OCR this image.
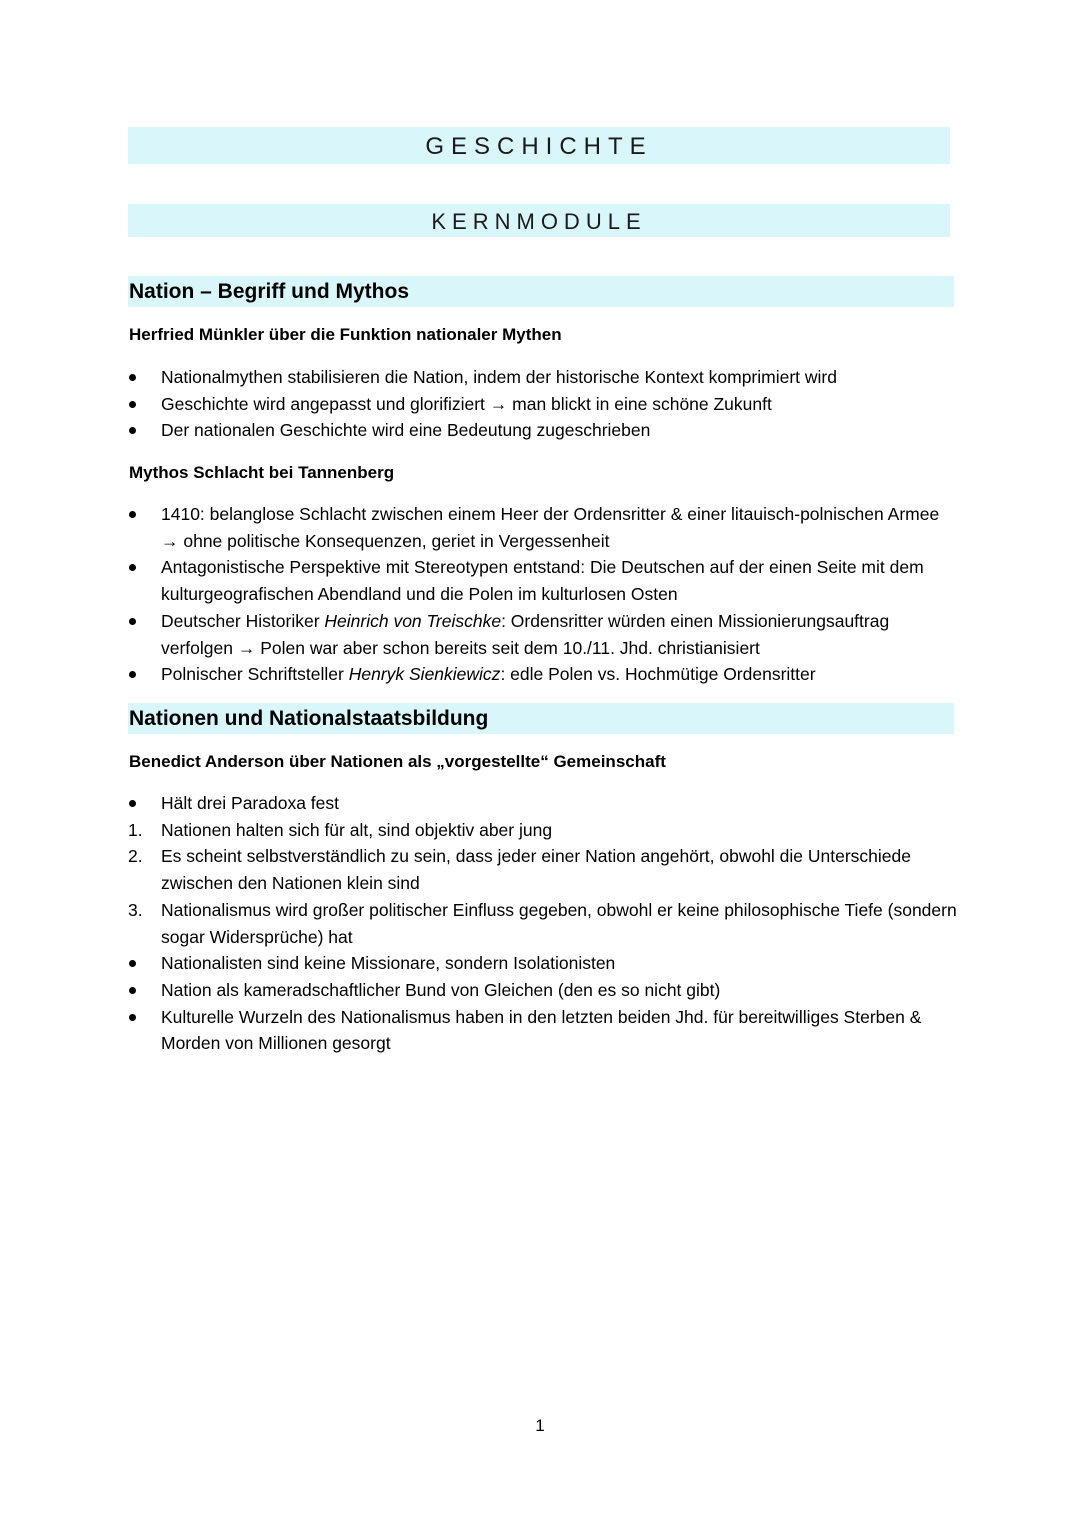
GESCHICHTE
KERNMODULE
Nation – Begriff und Mythos
Herfried Münkler über die Funktion nationaler Mythen
Nationalmythen stabilisieren die Nation, indem der historische Kontext komprimiert wird
Geschichte wird angepasst und glorifiziert → man blickt in eine schöne Zukunft
Der nationalen Geschichte wird eine Bedeutung zugeschrieben
Mythos Schlacht bei Tannenberg
1410: belanglose Schlacht zwischen einem Heer der Ordensritter & einer litauisch-polnischen Armee → ohne politische Konsequenzen, geriet in Vergessenheit
Antagonistische Perspektive mit Stereotypen entstand: Die Deutschen auf der einen Seite mit dem kulturgeografischen Abendland und die Polen im kulturlosen Osten
Deutscher Historiker Heinrich von Treischke: Ordensritter würden einen Missionierungsauftrag verfolgen → Polen war aber schon bereits seit dem 10./11. Jhd. christianisiert
Polnischer Schriftsteller Henryk Sienkiewicz: edle Polen vs. Hochmütige Ordensritter
Nationen und Nationalstaatsbildung
Benedict Anderson über Nationen als „vorgestellte“ Gemeinschaft
Hält drei Paradoxa fest
1.	Nationen halten sich für alt, sind objektiv aber jung
2.	Es scheint selbstverständlich zu sein, dass jeder einer Nation angehört, obwohl die Unterschiede zwischen den Nationen klein sind
3.	Nationalismus wird großer politischer Einfluss gegeben, obwohl er keine philosophische Tiefe (sondern sogar Widersprüche) hat
Nationalisten sind keine Missionare, sondern Isolationisten
Nation als kameradschaftlicher Bund von Gleichen (den es so nicht gibt)
Kulturelle Wurzeln des Nationalismus haben in den letzten beiden Jhd. für bereitwilliges Sterben & Morden von Millionen gesorgt
1
